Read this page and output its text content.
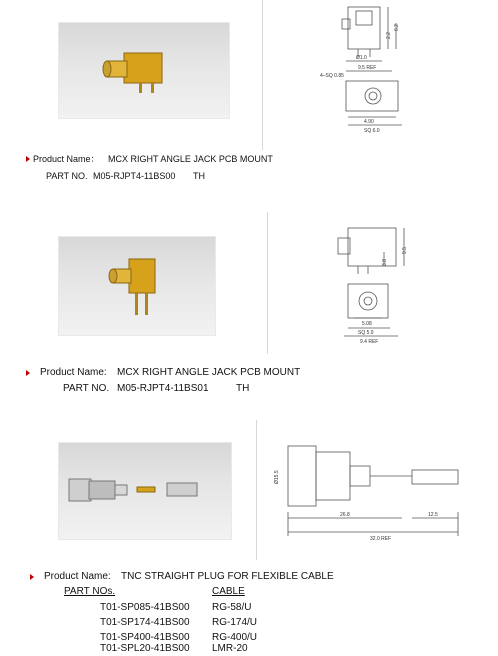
6.2
2.2
Ø1.0
9.5 REF
4–SQ 0.85
4.90
SQ 6.0
Product Name： MCX RIGHT ANGLE JACK PCB MOUNT
PART NO. M05-RJPT4-11BS00 TH
9.5
3.8
5.08
SQ 5.9
9.4 REF
Product Name: MCX RIGHT ANGLE JACK PCB MOUNT
PART NO. M05-RJPT4-11BS01	TH
Ø15.5
26.8	12.5
32.0 REF
Product Name: TNC STRAIGHT PLUG FOR FLEXIBLE CABLE
PART NOs.	CABLE
T01-SP085-41BS00 RG-58/U
T01-SP174-41BS00 RG-174/U
T01-SP400-41BS00 RG-400/U
T01-SPL20-41BS00 LMR-20
